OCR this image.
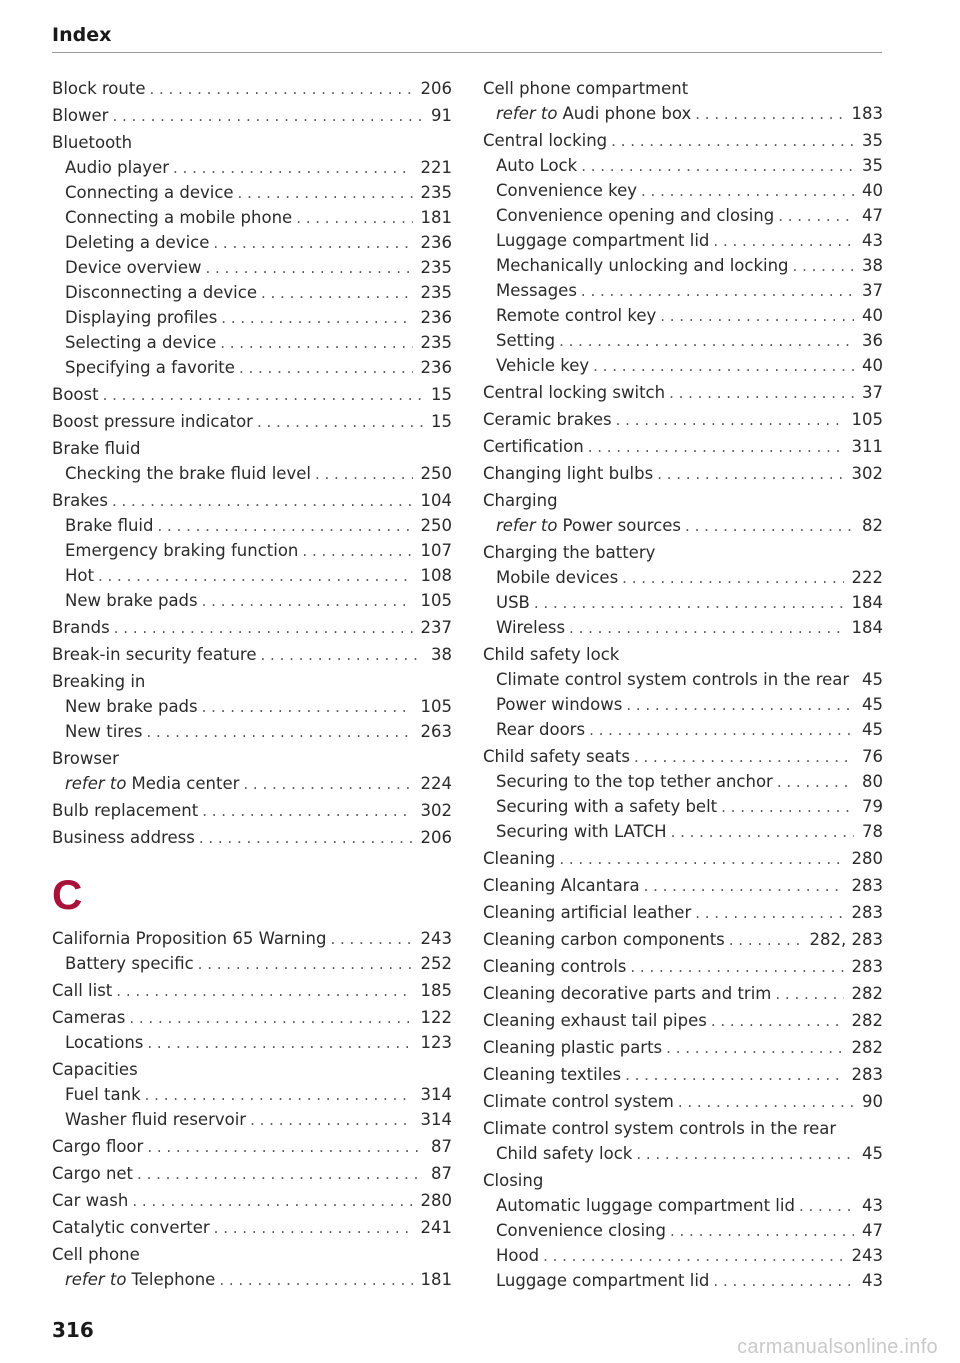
Index
Block route . . .	206
Blower . . .	91
Bluetooth
Audio player . . .	221
Connecting a device . . .	235
Connecting a mobile phone . . .	181
Deleting a device . . .	236
Device overview . . .	235
Disconnecting a device . . .	235
Displaying profiles . . .	236
Selecting a device . . .	235
Specifying a favorite . . .	236
Boost . . .	15
Boost pressure indicator . . .	15
Brake fluid
Checking the brake fluid level . . .	250
Brakes . . .	104
Brake fluid . . .	250
Emergency braking function . . .	107
Hot . . .	108
New brake pads . . .	105
Brands . . .	237
Break-in security feature . . .	38
Breaking in
New brake pads . . .	105
New tires . . .	263
Browser
refer to Media center . . .	224
Bulb replacement . . .	302
Business address . . .	206
C
California Proposition 65 Warning . . .	243
Battery specific . . .	252
Call list . . .	185
Cameras . . .	122
Locations . . .	123
Capacities
Fuel tank . . .	314
Washer fluid reservoir . . .	314
Cargo floor . . .	87
Cargo net . . .	87
Car wash . . .	280
Catalytic converter . . .	241
Cell phone
refer to Telephone . . .	181
Cell phone compartment
refer to Audi phone box . . .	183
Central locking . . .	35
Auto Lock . . .	35
Convenience key . . .	40
Convenience opening and closing . . .	47
Luggage compartment lid . . .	43
Mechanically unlocking and locking . . .	38
Messages . . .	37
Remote control key . . .	40
Setting . . .	36
Vehicle key . . .	40
Central locking switch . . .	37
Ceramic brakes . . .	105
Certification . . .	311
Changing light bulbs . . .	302
Charging
refer to Power sources . . .	82
Charging the battery
Mobile devices . . .	222
USB . . .	184
Wireless . . .	184
Child safety lock
Climate control system controls in the rear . . . 45
Power windows . . .	45
Rear doors . . .	45
Child safety seats . . .	76
Securing to the top tether anchor . . .	80
Securing with a safety belt . . .	79
Securing with LATCH . . .	78
Cleaning . . .	280
Cleaning Alcantara . . .	283
Cleaning artificial leather . . .	283
Cleaning carbon components . . .	282, 283
Cleaning controls . . .	283
Cleaning decorative parts and trim . . .	282
Cleaning exhaust tail pipes . . .	282
Cleaning plastic parts . . .	282
Cleaning textiles . . .	283
Climate control system . . .	90
Climate control system controls in the rear
Child safety lock . . .	45
Closing
Automatic luggage compartment lid . . .	43
Convenience closing . . .	47
Hood . . .	243
Luggage compartment lid . . .	43
316
carmanualsonline.info
